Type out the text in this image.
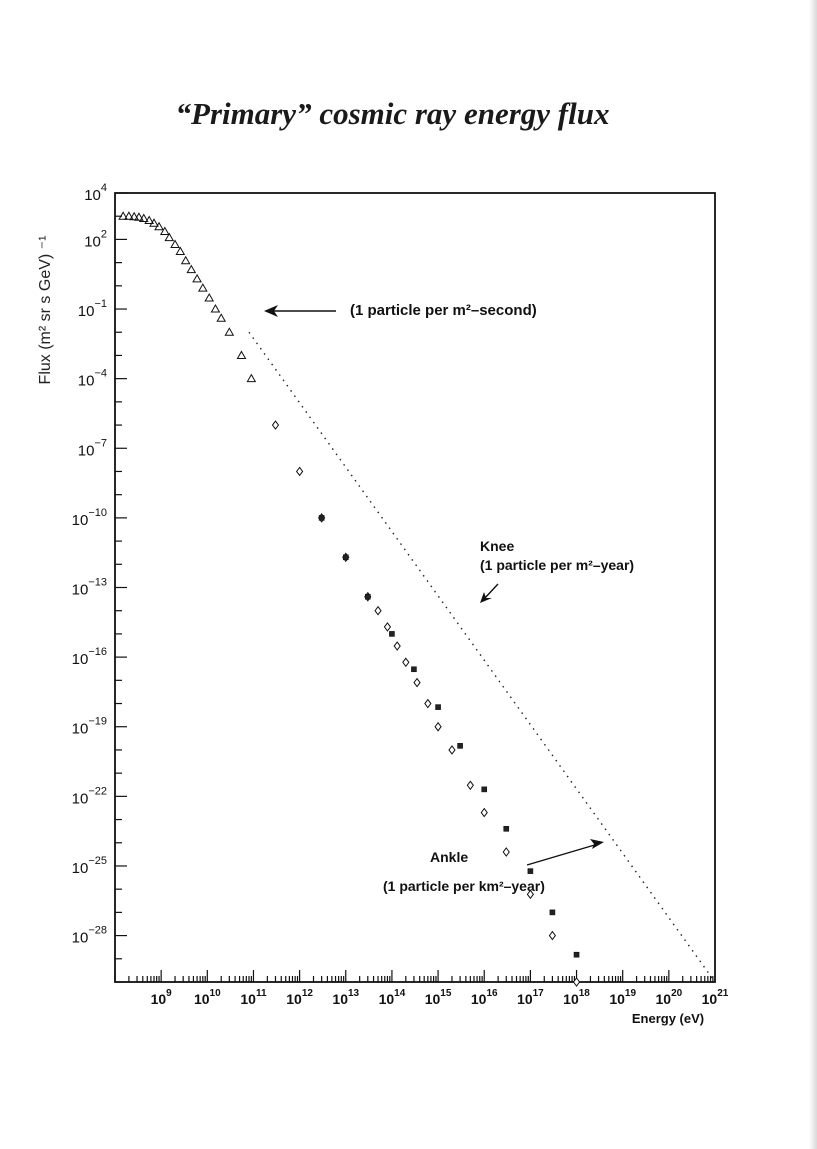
“Primary” cosmic ray energy flux
$10^4$
$10^2$
$10^{-1}$
$10^{-4}$
$10^{-7}$
$10^{-10}$
$10^{-13}$
$10^{-16}$
$10^{-19}$
$10^{-22}$
$10^{-25}$
$10^{-28}$
$10^9$ $10^{10}$ $10^{11}$ $10^{12}$ $10^{13}$ $10^{14}$ $10^{15}$ $10^{16}$ $10^{17}$ $10^{18}$ $10^{19}$ $10^{20}$ $10^{21}$
Flux (m² sr s GeV) ⁻¹
Energy (eV)
(1 particle per m²–second)
Knee
(1 particle per m²–year)
Ankle
(1 particle per km²–year)
